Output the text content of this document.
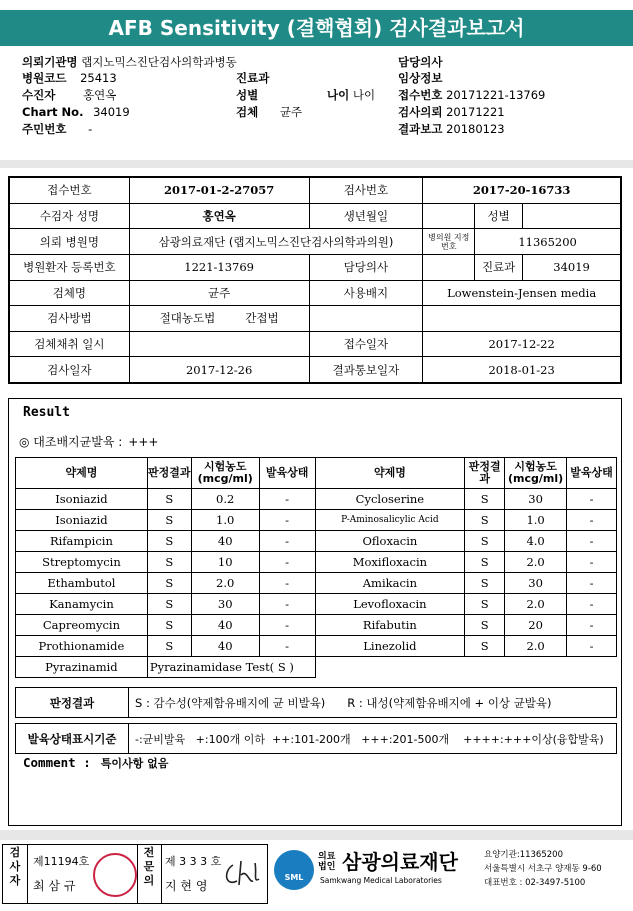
AFB Sensitivity (결핵협회) 검사결과보고서
의뢰기관명 랩지노믹스진단검사의학과병동
병원코드 25413
수진자 홍연옥
Chart No. 34019
주민번호 -
진료과
성별	나이 나이
검체 균주
담당의사
임상정보
접수번호 20171221-13769
검사의뢰 20171221
결과보고 20180123
접수번호	2017-01-2-27057	검사번호	2017-20-16733		
수검자 성명	홍연옥	생년월일		성별	
의뢰 병원명	삼광의료재단 (랩지노믹스진단검사의학과의원)		병의원 지정번호	11365200	
병원환자 등록번호	1221-13769	담당의사		진료과	34019
검체명	균주	사용배지	Lowenstein-Jensen media		
검사방법	절대농도법 간접법				
검체채취 일시		접수일자	2017-12-22		
검사일자	2017-12-26	결과통보일자	2018-01-23		
Result
◎ 대조배지균발육 : +++
약제명	판정결과	시험농도(mcg/ml)	발육상태	약제명	판정결과	시험농도(mcg/ml)	발육상태
Isoniazid	S	0.2	-	Cycloserine	S	30	-
Isoniazid	S	1.0	-	P-Aminosalicylic Acid	S	1.0	-
Rifampicin	S	40	-	Ofloxacin	S	4.0	-
Streptomycin	S	10	-	Moxifloxacin	S	2.0	-
Ethambutol	S	2.0	-	Amikacin	S	30	-
Kanamycin	S	30	-	Levofloxacin	S	2.0	-
Capreomycin	S	40	-	Rifabutin	S	20	-
Prothionamide	S	40	-	Linezolid	S	2.0	-
Pyrazinamid	Pyrazinamidase Test( S )						
판정결과	S : 감수성(약제함유배지에 균 비발육)      R : 내성(약제함유배지에 + 이상 균발육)

발육상태표시기준	-:균비발육   +:100개 이하  ++:101-200개   +++:201-500개    ++++:+++이상(융합발육)
Comment : 특이사항 없음
검사자
제11194호
최 삼 규
전문의
제 3 3 3 호
지 현 영
SML
의료법인 삼광의료재단
Samkwang Medical Laboratories
요양기관:11365200
서울특별시 서초구 양재동 9-60
대표번호 : 02-3497-5100
